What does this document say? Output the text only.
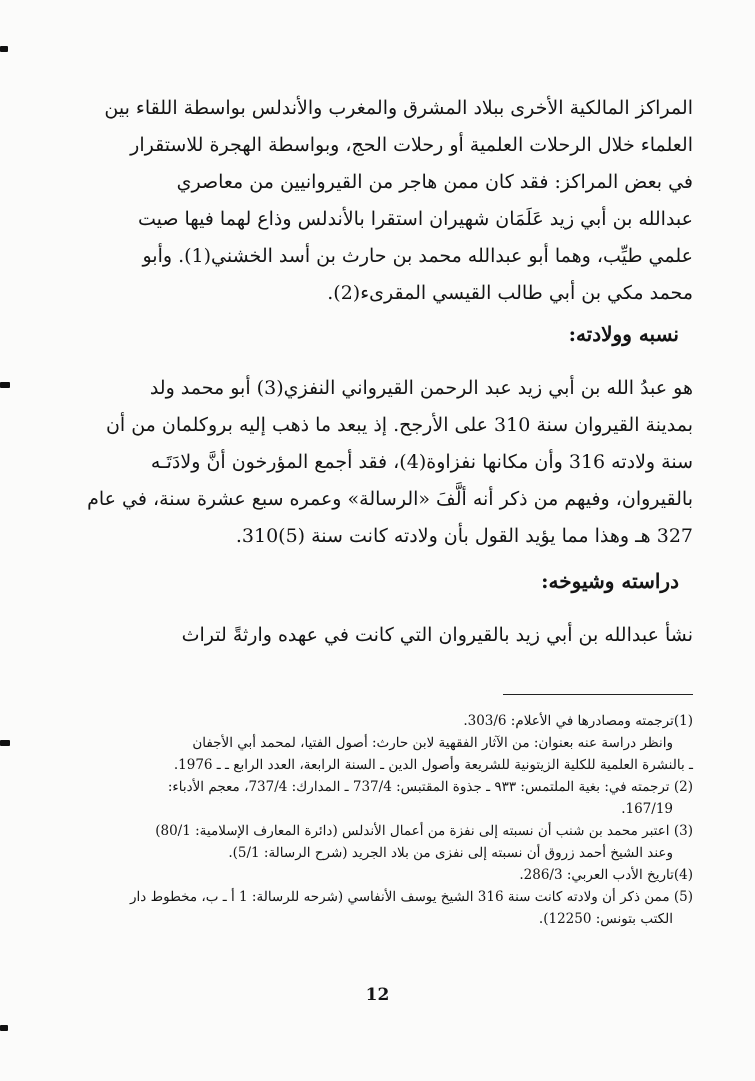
المراكز المالكية الأخرى ببلاد المشرق والمغرب والأندلس بواسطة اللقاء بين
العلماء خلال الرحلات العلمية أو رحلات الحج، وبواسطة الهجرة للاستقرار
في بعض المراكز: فقد كان ممن هاجر من القيروانيين من معاصري
عبدالله بن أبي زيد عَلَمَان شهيران استقرا بالأندلس وذاع لهما فيها صيت
علمي طيِّب، وهما أبو عبدالله محمد بن حارث بن أسد الخشني(1). وأبو
محمد مكي بن أبي طالب القيسي المقرىء(2).
نسبه وولادته:
هو عبدُ الله بن أبي زيد عبد الرحمن القيرواني النفزي(3) أبو محمد ولد
بمدينة القيروان سنة 310 على الأرجح. إذ يبعد ما ذهب إليه بروكلمان من أن
سنة ولادته 316 وأن مكانها نفزاوة(4)، فقد أجمع المؤرخون أنَّ ولادَتَـه
بالقيروان، وفيهم من ذكر أنه ألَّفَ «الرسالة» وعمره سبع عشرة سنة، في عام
327 هـ وهذا مما يؤيد القول بأن ولادته كانت سنة (5)310.
دراسته وشيوخه:
نشأ عبدالله بن أبي زيد بالقيروان التي كانت في عهده وارثةً لتراث
(1)ترجمته ومصادرها في الأعلام: 303/6.
وانظر دراسة عنه بعنوان: من الآثار الفقهية لابن حارث: أصول الفتيا، لمحمد أبي الأجفان
ـ بالنشرة العلمية للكلية الزيتونية للشريعة وأصول الدين ـ السنة الرابعة، العدد الرابع ـ ـ 1976.
(2) ترجمته في: بغية الملتمس: ٩٣٣ ـ جذوة المقتبس: 737/4 ـ المدارك: 737/4، معجم الأدباء:
167/19.
(3) اعتبر محمد بن شنب أن نسبته إلى نفزة من أعمال الأندلس (دائرة المعارف الإسلامية: 80/1)
وعند الشيخ أحمد زروق أن نسبته إلى نفزى من بلاد الجريد (شرح الرسالة: 5/1).
(4)تاريخ الأدب العربي: 286/3.
(5) ممن ذكر أن ولادته كانت سنة 316 الشيخ يوسف الأنفاسي (شرحه للرسالة: 1 أ ـ ب، مخطوط دار
الكتب بتونس: 12250).
12
